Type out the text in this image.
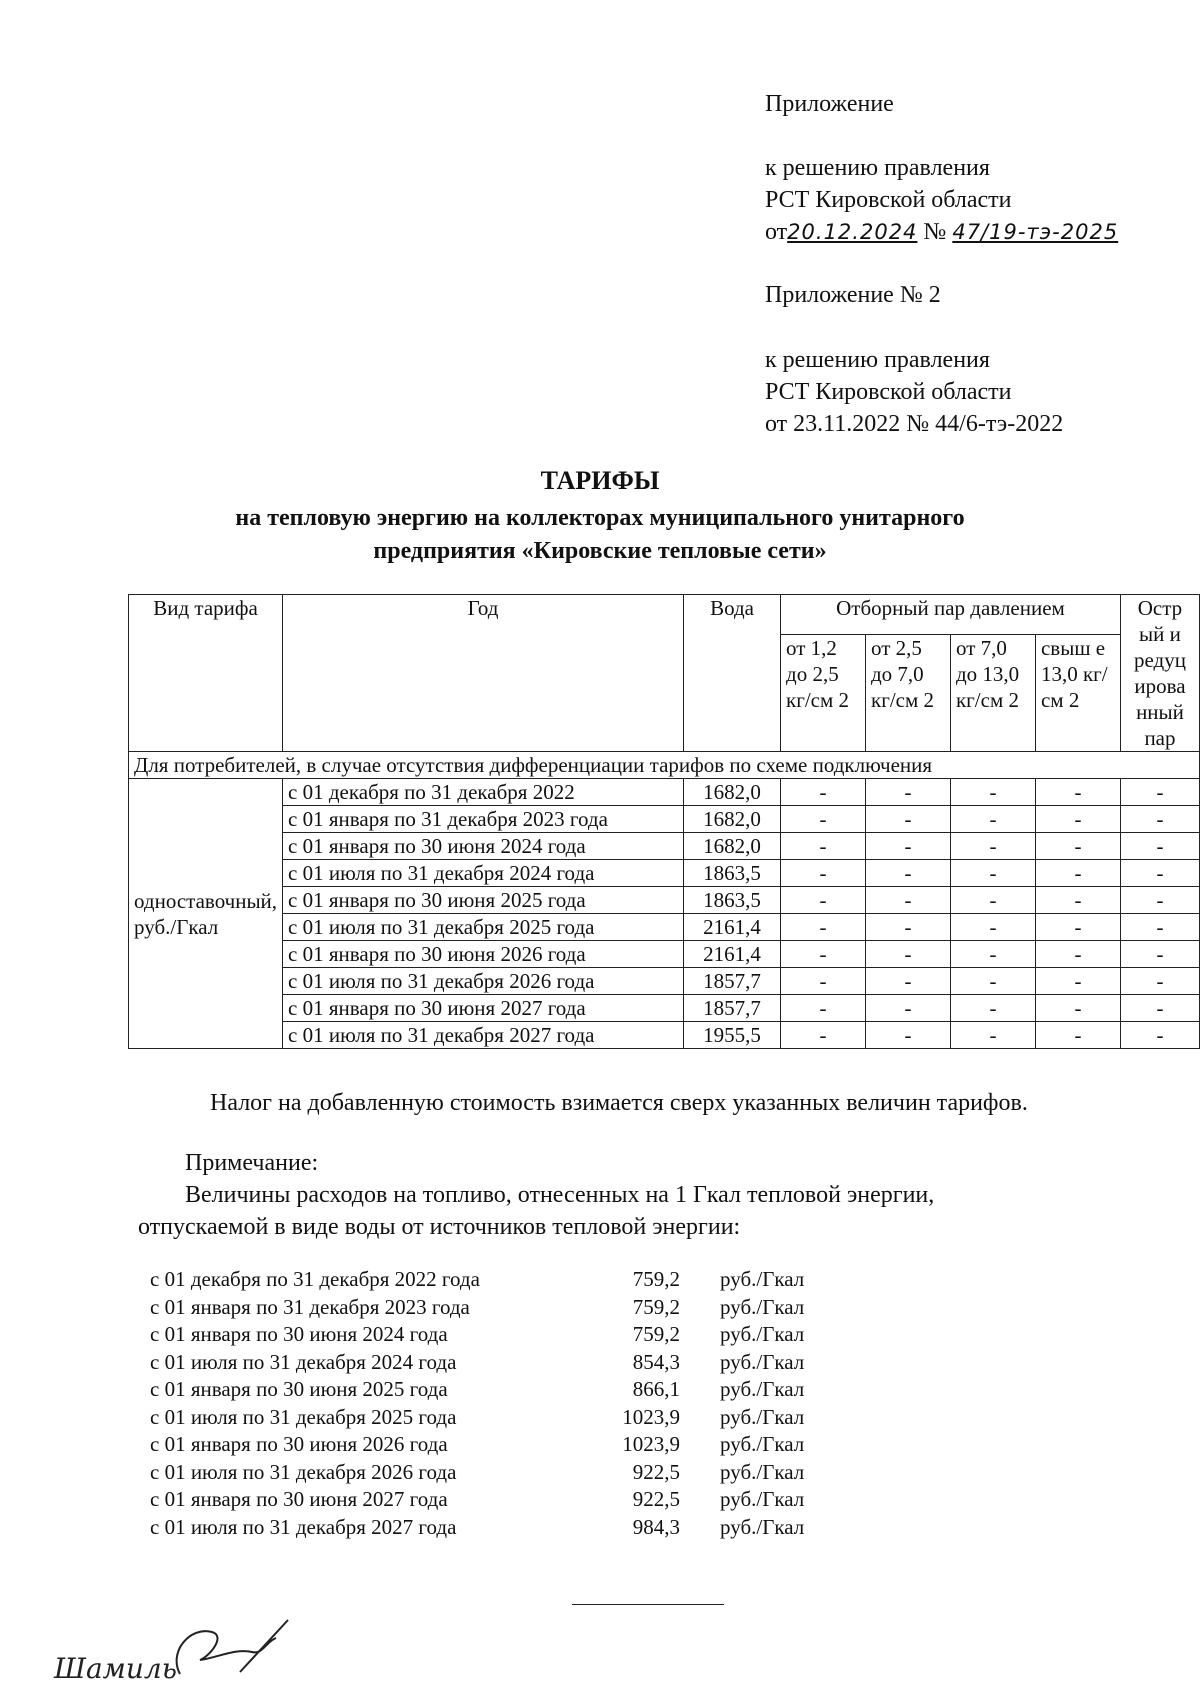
Приложение
к решению правления
РСТ Кировской области
от20.12.2024 № 47/19-тэ-2025
Приложение № 2
к решению правления
РСТ Кировской области
от 23.11.2022 № 44/6-тэ-2022
ТАРИФЫ
на тепловую энергию на коллекторах муниципального унитарного
предприятия «Кировские тепловые сети»
Вид тарифа	Год	Вода	Отборный пар давлением				Остр ый и редуц ирова нный пар
			от 1,2 до 2,5 кг/см 2	от 2,5 до 7,0 кг/см 2	от 7,0 до 13,0 кг/см 2	свыш е 13,0 кг/см 2	
Для потребителей, в случае отсутствия дифференциации тарифов по схеме подключения							
одноставочный, руб./Гкал	с 01 декабря по 31 декабря 2022	1682,0	-	-	-	-	-
	с 01 января по 31 декабря 2023 года	1682,0	-	-	-	-	-
	с 01 января по 30 июня 2024 года	1682,0	-	-	-	-	-
	с 01 июля по 31 декабря 2024 года	1863,5	-	-	-	-	-
	с 01 января по 30 июня 2025 года	1863,5	-	-	-	-	-
	с 01 июля по 31 декабря 2025 года	2161,4	-	-	-	-	-
	с 01 января по 30 июня 2026 года	2161,4	-	-	-	-	-
	с 01 июля по 31 декабря 2026 года	1857,7	-	-	-	-	-
	с 01 января по 30 июня 2027 года	1857,7	-	-	-	-	-
	с 01 июля по 31 декабря 2027 года	1955,5	-	-	-	-	-
Налог на добавленную стоимость взимается сверх указанных величин тарифов.
Примечание:
Величины расходов на топливо, отнесенных на 1 Гкал тепловой энергии,
отпускаемой в виде воды от источников тепловой энергии:
с 01 декабря по 31 декабря 2022 года	759,2 руб./Гкал
с 01 января по 31 декабря 2023 года	759,2 руб./Гкал
с 01 января по 30 июня 2024 года	759,2 руб./Гкал
с 01 июля по 31 декабря 2024 года	854,3 руб./Гкал
с 01 января по 30 июня 2025 года	866,1 руб./Гкал
с 01 июля по 31 декабря 2025 года	1023,9 руб./Гкал
с 01 января по 30 июня 2026 года	1023,9 руб./Гкал
с 01 июля по 31 декабря 2026 года	922,5 руб./Гкал
с 01 января по 30 июня 2027 года	922,5 руб./Гкал
с 01 июля по 31 декабря 2027 года	984,3 руб./Гкал
Шамиль
